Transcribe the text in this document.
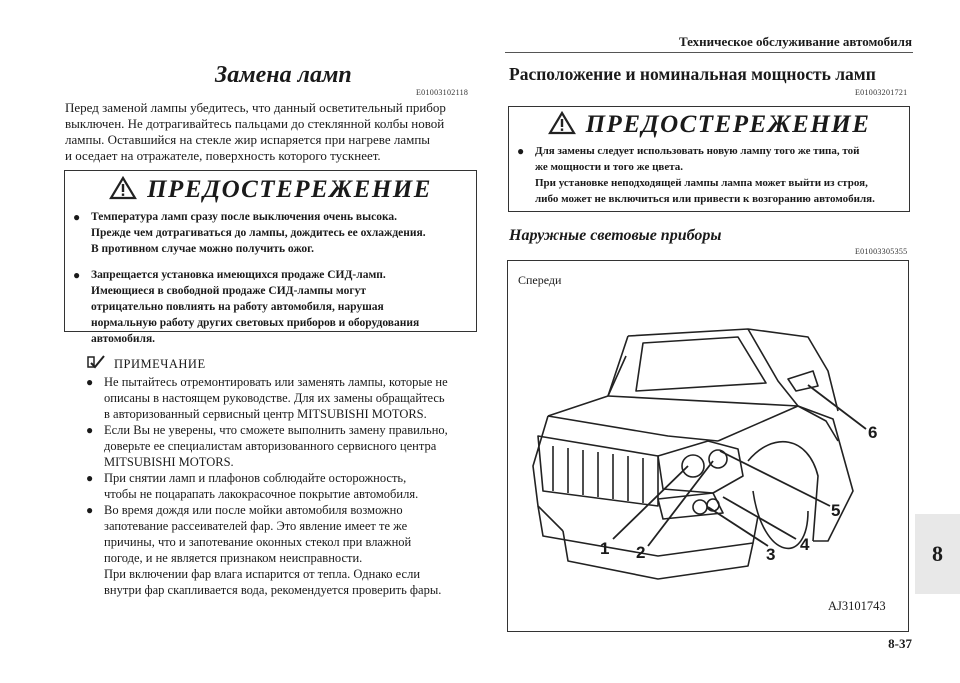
Техническое обслуживание автомобиля
8
8-37
Замена ламп
E01003102118
Перед заменой лампы убедитесь, что данный осветительный прибор
выключен. Не дотрагивайтесь пальцами до стеклянной колбы новой
лампы. Оставшийся на стекле жир испаряется при нагреве лампы
и оседает на отражателе, поверхность которого тускнеет.
ПРЕДОСТЕРЕЖЕНИЕ
● Температура ламп сразу после выключения очень высока.
Прежде чем дотрагиваться до лампы, дождитесь ее охлаждения.
В противном случае можно получить ожог.
● Запрещается установка имеющихся продаже СИД-ламп.
Имеющиеся в свободной продаже СИД-лампы могут
отрицательно повлиять на работу автомобиля, нарушая
нормальную работу других световых приборов и оборудования
автомобиля.
ПРИМЕЧАНИЕ
● Не пытайтесь отремонтировать или заменять лампы, которые не
описаны в настоящем руководстве. Для их замены обращайтесь
в авторизованный сервисный центр MITSUBISHI MOTORS.
● Если Вы не уверены, что сможете выполнить замену правильно,
доверьте ее специалистам авторизованного сервисного центра
MITSUBISHI MOTORS.
● При снятии ламп и плафонов соблюдайте осторожность,
чтобы не поцарапать лакокрасочное покрытие автомобиля.
● Во время дождя или после мойки автомобиля возможно
запотевание рассеивателей фар. Это явление имеет те же
причины, что и запотевание оконных стекол при влажной
погоде, и не является признаком неисправности.
При включении фар влага испарится от тепла. Однако если
внутри фар скапливается вода, рекомендуется проверить фары.
Расположение и номинальная мощность ламп
E01003201721
ПРЕДОСТЕРЕЖЕНИЕ
● Для замены следует использовать новую лампу того же типа, той
же мощности и того же цвета.
При установке неподходящей лампы лампа может выйти из строя,
либо может не включиться или привести к возгоранию автомобиля.
Наружные световые приборы
E01003305355
Спереди
1 2	3
4
5
6
AJ3101743
